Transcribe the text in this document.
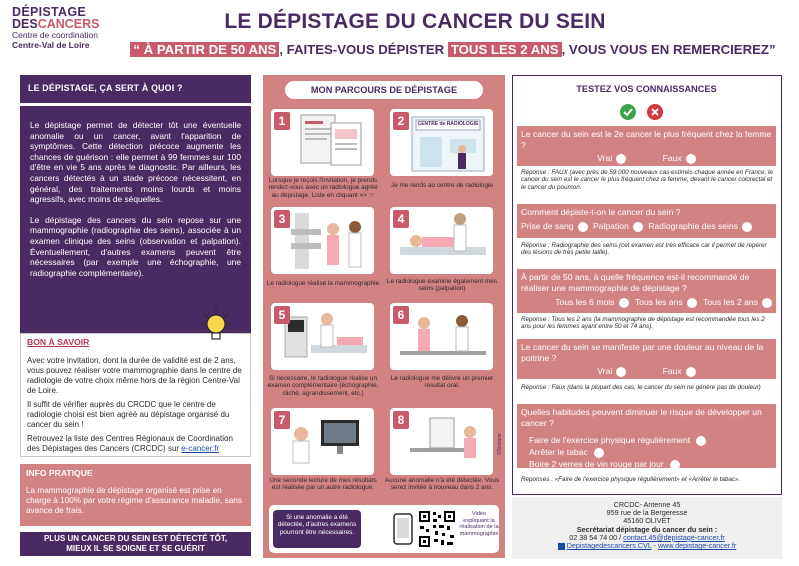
DÉPISTAGE
DESCANCERS
Centre de coordination
Centre-Val de Loire
LE DÉPISTAGE DU CANCER DU SEIN
“ À PARTIR DE 50 ANS , FAITES-VOUS DÉPISTER TOUS LES 2 ANS , VOUS VOUS EN REMERCIEREZ”
LE DÉPISTAGE, ÇA SERT À QUOI ?

Le dépistage permet de détecter tôt une éventuelle anomalie ou un cancer, avant l'apparition de symptômes. Cette détection précoce augmente les chances de guérison : elle permet à 99 femmes sur 100 d'être en vie 5 ans après le diagnostic. Par ailleurs, les cancers détectés à un stade précoce nécessitent, en général, des traitements moins lourds et moins agressifs, avec moins de séquelles.

Le dépistage des cancers du sein repose sur une mammographie (radiographie des seins), associée à un examen clinique des seins (observation et palpation). Éventuellement, d'autres examens peuvent être nécessaires (par exemple une échographie, une radiographie complémentaire).

BON À SAVOIR

Avec votre invitation, dont la durée de validité est de 2 ans, vous pouvez réaliser votre mammographie dans le centre de radiologie de votre choix même hors de la région Centre-Val de Loire.

Il suffit de vérifier auprès du CRCDC que le centre de radiologie choisi est bien agréé au dépistage organisé du cancer du sein !

Retrouvez la liste des Centres Régionaux de Coordination des Dépistages des Cancers (CRCDC) sur e-cancer.fr

INFO PRATIQUE
La mammographie de dépistage organisé est prise en charge à 100% par votre régime d'assurance maladie, sans avance de frais.
PLUS UN CANCER DU SEIN EST DÉTECTÉ TÔT,
MIEUX IL SE SOIGNE ET SE GUÉRIT
MON PARCOURS DE DÉPISTAGE
1
Lorsque je reçois l'invitation, je prends rendez-vous avec un radiologue agréé au dépistage. Liste en cliquant => ☞
CENTRE de RADIOLOGIE
2
Je me rends au centre de radiologie
3
Le radiologue réalise la mammographie
4
Le radiologue examine également mes seins (palpation)
5
Si nécessaire, le radiologue réalise un examen complémentaire (échographie, cliché, agrandissement, etc.)
6
Le radiologue me délivre un premier résultat oral.
7
Une seconde lecture de mes résultats est réalisée par un autre radiologue.
8
Aucune anomalie n'a été détectée. Vous serez invitée à nouveau dans 2 ans.
Si une anomalie a été détectée, d'autres examens pourront être nécessaires.
Vidéo expliquant la réalisation de la mammographie
©Seviane
TESTEZ VOS CONNAISSANCES
Le cancer du sein est le 2e cancer le plus fréquent chez la femme ?
Vrai	Faux
Réponse : FAUX (avec près de 59 000 nouveaux cas estimés chaque année en France, le cancer du sein est le cancer le plus fréquent chez la femme, devant le cancer colorectal et le cancer du poumon.
Comment dépiste-t-on le cancer du sein ?
Prise de sang Palpation Radiographie des seins
Réponse : Radiographie des seins (cet examen est très efficace car il permet de repérer des lésions de très petite taille).
À partir de 50 ans, à quelle fréquence est-il recommandé de réaliser une mammographie de dépistage ?
Tous les 6 mois Tous les ans Tous les 2 ans
Réponse : Tous les 2 ans (la mammographie de dépistage est recommandée tous les 2 ans pour les femmes ayant entre 50 et 74 ans).
Le cancer du sein se manifeste par une douleur au niveau de la poitrine ?
Vrai	Faux
Réponse : Faux (dans la plupart des cas, le cancer du sein ne génère pas de douleur)
Quelles habitudes peuvent diminuer le risque de développer un cancer ?
Faire de l'exercice physique régulièrement
Arrêter le tabac
Boire 2 verres de vin rouge par jour
Réponses : «Faire de l'exercice physique régulièrement» et «Arrêter le tabac».
CRCDC- Antenne 45
959 rue de la Bergeresse
45160 OLIVET
Secrétariat dépistage du cancer du sein :
02 38 54 74 00 / contact.45@depistage-cancer.fr
Depistagedescancers.CVL - www.depistage-cancer.fr
